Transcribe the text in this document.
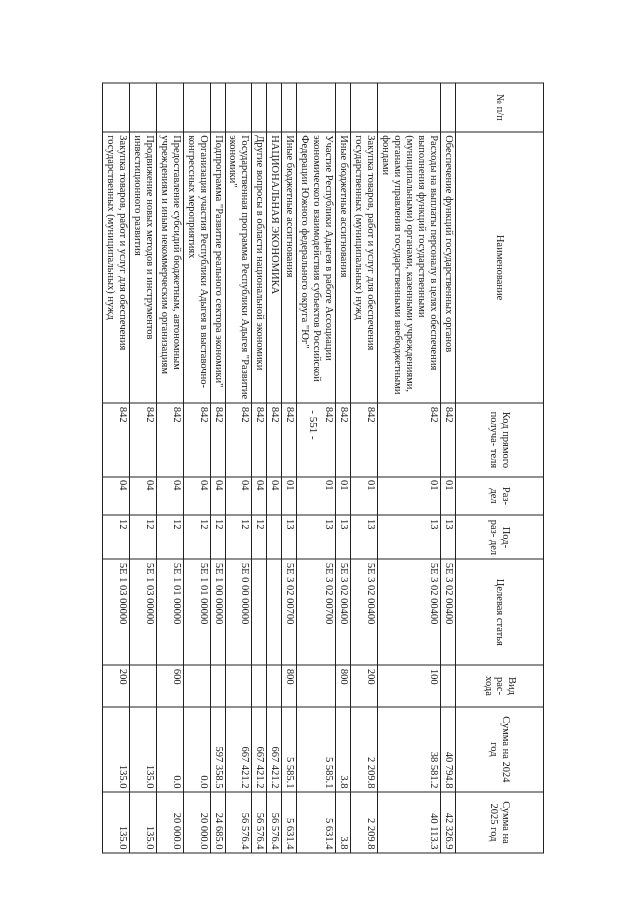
- 551 -
№ п/п	Наименование	Код прямого получа- теля	Раз- дел	Под- раз- дел	Целевая статья	Вид рас- хода	Сумма на 2024 год	Сумма на 2025 год
	Обеспечение функций государственных органов	842	01	13	5Е 3 02 00400		40 794.8	42 326.9
	Расходы на выплаты персоналу в целях обеспечения выполнения функций государственными (муниципальными) органами, казенными учреждениями, органами управления государственными внебюджетными фондами	842	01	13	5Е 3 02 00400	100	38 581.2	40 113.3
	Закупка товаров, работ и услуг для обеспечения государственных (муниципальных) нужд	842	01	13	5Е 3 02 00400	200	2 209.8	2 209.8
	Иные бюджетные ассигнования	842	01	13	5Е 3 02 00400	800	3.8	3.8
	Участие Республики Адыгея в работе Ассоциации экономического взаимодействия субъектов Российской Федерации Южного федерального округа "Юг"	842	01	13	5Е 3 02 00700		5 585.1	5 631.4
	Иные бюджетные ассигнования	842	01	13	5Е 3 02 00700	800	5 585.1	5 631.4
	НАЦИОНАЛЬНАЯ ЭКОНОМИКА	842	04				667 421.2	56 576.4
	Другие вопросы в области национальной экономики	842	04	12			667 421.2	56 576.4
	Государственная программа Республики Адыгея "Развитие экономики"	842	04	12	5Е 0 00 00000		667 421.2	56 576.4
	Подпрограмма "Развитие реального сектора экономики"	842	04	12	5Е 1 00 00000		597 358.5	24 685.0
	Организация участия Республики Адыгея в выставочно-конгрессных мероприятиях	842	04	12	5Е 1 01 00000		0.0	20 000.0
	Предоставление субсидий бюджетным, автономным учреждениям и иным некоммерческим организациям	842	04	12	5Е 1 01 00000	600	0.0	20 000.0
	Продвижение новых методов и инструментов инвестиционного развития	842	04	12	5Е 1 03 00000		135.0	135.0
	Закупка товаров, работ и услуг для обеспечения государственных (муниципальных) нужд	842	04	12	5Е 1 03 00000	200	135.0	135.0
